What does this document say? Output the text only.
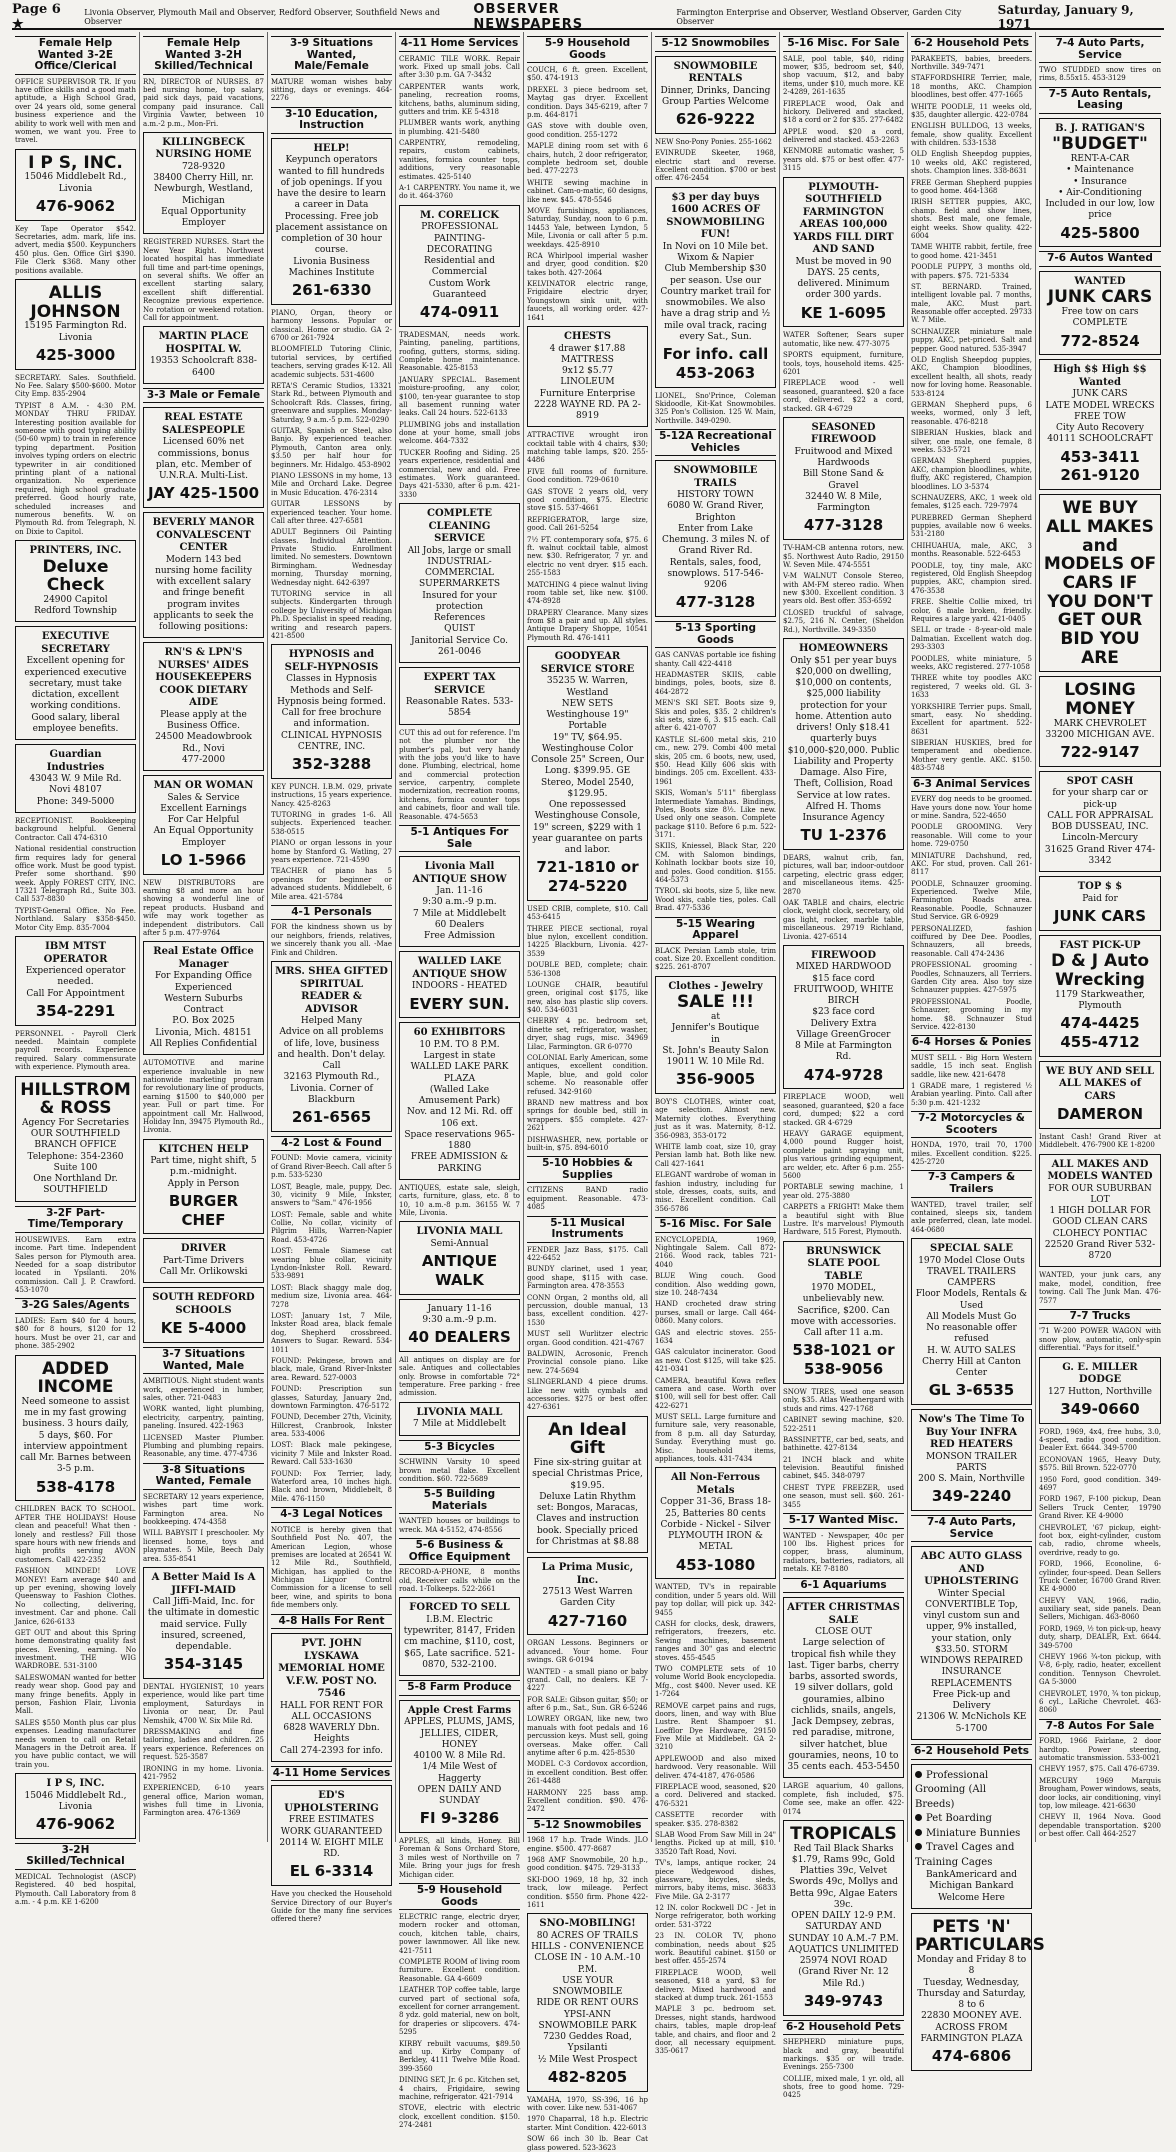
Page 6 ★
Livonia Observer, Plymouth Mail and Observer, Redford Observer, Southfield News and Observer
OBSERVER NEWSPAPERS
Farmington Enterprise and Observer, Westland Observer, Garden City Observer
Saturday, January 9, 1971
Female Help Wanted 3-2E Office/Clerical

OFFICE SUPERVISOR TR. If you have office skills and a good math aptitude, a High School Grad, over 24 years old, some general business experience and the ability to work well with men and women, we want you. Free to travel.

I P S, INC.
15046 Middlebelt Rd., Livonia
476-9062

Key Tape Operator $542. Secretaries, adm. mark, life ins. advert, media $500. Keypunchers 450 plus. Gen. Office Girl $390. File Clerk $368. Many other positions available.

ALLIS JOHNSON
15195 Farmington Rd.
Livonia
425-3000

SECRETARY. Sales. Southfield. No Fee. Salary $500-$600. Motor City Emp. 835-2904

TYPIST 8 A.M. - 4:30 P.M. MONDAY THRU FRIDAY. Interesting position available for someone with good typing ability (50-60 wpm) to train in reference typing department. Position involves typing orders on electric typewriter in air conditioned printing plant of a national organization. No experience required, high school graduate preferred. Good hourly rate, scheduled increases and numerous benefits. W. on Plymouth Rd. from Telegraph, N. on Dixie to Capitol.

PRINTERS, INC.
Deluxe Check
24900 Capitol
Redford Township
EXECUTIVE SECRETARY
Excellent opening for experienced executive secretary, must take dictation, excellent working conditions. Good salary, liberal employee benefits.
Guardian Industries
43043 W. 9 Mile Rd.
Novi 48107
Phone: 349-5000

RECEPTIONIST. Bookkeeping background helpful. General Contractor. Call 474-6310

National residential construction firm requires lady for general office work. Must be good typist. Prefer some shorthand. $90 week. Apply FOREST CITY, INC. 17321 Telegraph Rd., Suite 303. Call 537-8830

TYPIST-General Office. No Fee. Northland. Salary $358-$450. Motor City Emp. 835-7004

IBM MTST OPERATOR
Experienced operator needed.
Call For Appointment
354-2291

PERSONNEL - Payroll Clerk needed. Maintain complete payroll records. Experience required. Salary commensurate with experience. Plymouth area.

HILLSTROM & ROSS
Agency For Secretaries
OUR SOUTHFIELD BRANCH OFFICE
Telephone: 354-2360
Suite 100
One Northland Dr.
SOUTHFIELD
3-2F Part-Time/Temporary

HOUSEWIVES. Earn extra income. Part time. Independent Sales person for Plymouth area. Needed for a soap distributor located in Ypsilanti. 20% commission. Call J. P. Crawford. 453-1070

3-2G Sales/Agents

LADIES: Earn $40 for 4 hours, $80 for 8 hours, $120 for 12 hours. Must be over 21, car and phone. 385-2902

ADDED INCOME
Need someone to assist me in my fast growing business. 3 hours daily, 5 days, $60. For interview appointment call Mr. Barnes between 3-5 p.m.
538-4178

CHILDREN BACK TO SCHOOL. AFTER THE HOLIDAYS! House clean and peaceful! What then - lonely and restless? Fill those spare hours with new friends and high profits serving AVON customers. Call 422-2352

FASHION MINDED! LOVE MONEY! Earn average $40 and up per evening, showing lovely Queensway to Fashion Clothes. No collecting, delivering, investment. Car and phone. Call Janice, 626-6133

GET OUT and about this Spring home demonstrating quality fast pieces. Evening, earning. No investment. THE WIG WARDROBE. 531-3100

SALESWOMAN wanted for better ready wear shop. Good pay and many fringe benefits. Apply in person, Fashion Flair, Livonia Mall.

SALES $550 Month plus car plus expenses. Leading manufacturer needs women to call on Retail Managers in the Detroit area. If you have public contact, we will train you.

I P S, INC.
15046 Middlebelt Rd., Livonia
476-9062
3-2H Skilled/Technical

MEDICAL Technologist (ASCP) Registered. 40 bed hospital, Plymouth. Call Laboratory from 8 a.m. - 4 p.m. KE 1-6200

Female Help Wanted 3-2H Skilled/Technical

RN, DIRECTOR of NURSES. 87 bed nursing home, top salary, paid sick days, paid vacations, company paid insurance. Call Virginia Vawter, between 10 a.m.-2 p.m., Mon-Fri.

KILLINGBECK NURSING HOME
728-9320
38400 Cherry Hill, nr. Newburgh, Westland, Michigan
Equal Opportunity Employer

REGISTERED NURSES. Start the New Year Right. Northwest located hospital has immediate full time and part-time openings, on several shifts. We offer an excellent starting salary, excellent shift differential. Recognize previous experience. No rotation or weekend rotation. Call for appointment.

MARTIN PLACE HOSPITAL W.
19353 Schoolcraft 838-6400
3-3 Male or Female
REAL ESTATE SALESPEOPLE
Licensed 60% net commissions, bonus plan, etc. Member of U.N.R.A. Multi-List.
JAY 425-1500
BEVERLY MANOR CONVALESCENT CENTER
Modern 143 bed nursing home facility with excellent salary and fringe benefit program invites applicants to seek the following positions:
RN'S & LPN'S NURSES' AIDES HOUSEKEEPERS COOK DIETARY AIDE
Please apply at the Business Office.
24500 Meadowbrook Rd., Novi
477-2000
MAN OR WOMAN
Sales & Service
Excellent Earnings
For Car Helpful
An Equal Opportunity Employer
LO 1-5966

NEW DISTRIBUTORS are earning $8 and more an hour showing a wonderful line of repeat products. Husband and wife may work together as independent distributors. Call after 5 p.m. 477-9764

Real Estate Office Manager
For Expanding Office
Experienced
Western Suburbs Contract
P.O. Box 2025
Livonia, Mich. 48151
All Replies Confidential

AUTOMOTIVE and marine experience invaluable in new nationwide marketing program for revolutionary line of products, earning $1500 to $40,000 per year. Full or part time. For appointment call Mr. Hallwood, Holiday Inn, 39475 Plymouth Rd., Livonia.

KITCHEN HELP
Part time, night shift, 5 p.m.-midnight.
Apply in Person
BURGER CHEF
DRIVER
Part-Time Drivers
Call Mr. Orlikowski
SOUTH REDFORD SCHOOLS
KE 5-4000
3-7 Situations Wanted, Male

AMBITIOUS. Night student wants work, experienced in lumber, sales, other. 721-0483

WORK wanted, light plumbing, electricity, carpentry, painting, paneling. Insured. 422-1963

LICENSED Master Plumber. Plumbing and plumbing repairs. Reasonable, any time. 477-4736

3-8 Situations Wanted, Female

SECRETARY 12 years experience, wishes part time work. Farmington area. No bookkeeping. 474-4358

WILL BABYSIT I preschooler. My licensed home, toys and playmates. 5 Mile, Beech Daly area. 535-8541

A Better Maid Is A JIFFI-MAID
Call Jiffi-Maid, Inc. for the ultimate in domestic maid service. Fully insured, screened, dependable.
354-3145

DENTAL HYGIENIST, 10 years experience, would like part time employment, Saturdays in Livonia or near, Dr. Paul Nemshik, 4700 W. Six Mile Rd.

DRESSMAKING and fine tailoring, ladies and children. 25 years experience. References on request. 525-3587

IRONING in my home. Livonia. 421-7952

EXPERIENCED, 6-10 years general office, Marion woman, wishes full time in Livonia, Farmington area. 476-1369

3-9 Situations Wanted, Male/Female

MATURE woman wishes baby sitting, days or evenings. 464-2276

3-10 Education, Instruction
HELP!
Keypunch operators wanted to fill hundreds of job openings. If you have the desire to learn a career in Data Processing. Free job placement assistance on completion of 30 hour course.
Livonia Business Machines Institute
261-6330

PIANO, Organ, theory or harmony lessons. Popular or classical. Home or studio. GA 2-6700 or 261-7924

BLOOMFIELD Tutoring Clinic, tutorial services, by certified teachers, serving grades K-12. All academic subjects. 531-4600

RETA'S Ceramic Studios, 13321 Stark Rd., between Plymouth and Schoolcraft Rds. Classes, firing, greenware and supplies. Monday-Saturday, 9 a.m.-5 p.m. 522-0290

GUITAR, Spanish or Steel, also Banjo. By experienced teacher. Plymouth, Canton area only. $3.50 per half hour for beginners. Mr. Hidalgo. 453-8902

PIANO LESSONS in my home, 13 Mile and Orchard Lake. Degree in Music Education. 476-2314

GUITAR LESSONS by experienced teacher. Your home. Call after three. 427-6581

ADULT Beginners Oil Painting classes. Individual Attention. Private Studio. Enrollment limited. No semesters. Downtown Birmingham. Wednesday morning, Thursday morning, Wednesday night. 642-6397

TUTORING service in all subjects. Kindergarten through college by University of Michigan Ph.D. Specialist in speed reading, writing and research papers. 421-8500

HYPNOSIS and SELF-HYPNOSIS
Classes in Hypnosis Methods and Self-Hypnosis being formed. Call for free brochure and information.
CLINICAL HYPNOSIS CENTRE, INC.
352-3288

KEY PUNCH. I.B.M. 029, private instructions, 15 years experience. Nancy. 425-8263

TUTORING in grades 1-6. All subjects. Experienced teacher. 538-0515

PIANO or organ lessons in your home by Stanford G. Watling, 27 years experience. 721-4590

TEACHER of piano has 5 openings for beginner or advanced students. Middlebelt, 6 Mile area. 421-5784

4-1 Personals

FOR the kindness shown us by our neighbors, friends, relatives, we sincerely thank you all. -Mae Fink and Children.

MRS. SHEA GIFTED SPIRITUAL READER & ADVISOR
Helped Many
Advice on all problems of life, love, business and health. Don't delay. Call
32163 Plymouth Rd., Livonia. Corner of Blackburn
261-6565
4-2 Lost & Found

FOUND: Movie camera, vicinity of Grand River-Beech. Call after 5 p.m. 533-5230

LOST, Beagle, male, puppy, Dec. 30, vicinity 9 Mile, Inkster, answers to "Sam." 476-1956

LOST: Female, sable and white Collie, No collar, vicinity of Pilgrim Hills, Warren-Napier Road. 453-4726

LOST: Female Siamese cat wearing blue collar, vicinity Lyndon-Inkster Roll. Reward. 533-9891

LOST: Black shaggy male dog, medium size, Livonia area. 464-7278

LOST: January 1st, 7 Mile, Inkster Road area, black female dog, Shepherd crossbreed. Answers to Sugar. Reward. 534-1011

FOUND: Pekingese, brown and black, male, Grand River-Inkster area. Reward. 527-0003

FOUND: Prescription sun glasses, Saturday, January 2nd, downtown Farmington. 476-5172

FOUND, December 27th, Vicinity, Hillcrest, Cranbrook, Inkster area. 533-4006

LOST: Black male pekingese, vicinity 7 Mile and Inkster Road. Reward. Call 533-1630

FOUND: Fox Terrier, lady, Waterford area, 10 inches high. Black and brown, Middlebelt, 8 Mile. 476-1150

4-3 Legal Notices

NOTICE is hereby given that Southfield Post No. 407, the American Legion, whose premises are located at 26541 W. 12 Mile Rd., Southfield, Michigan, has applied to the Michigan Liquor Control Commission for a license to sell beer, wine, and spirits to bona fide members only.

4-8 Halls For Rent
PVT. JOHN LYSKAWA MEMORIAL HOME V.F.W. POST NO. 7546
HALL FOR RENT FOR ALL OCCASIONS
6828 WAVERLY Dbn. Heights
Call 274-2393 for info.
4-11 Home Services
ED'S UPHOLSTERING
FREE ESTIMATES
WORK GUARANTEED
20114 W. EIGHT MILE RD.
EL 6-3314

Have you checked the Household Service Directory of our Buyer's Guide for the many fine services offered there?

4-11 Home Services

CERAMIC TILE WORK. Repair work. Fixed up small jobs. Call after 3:30 p.m. GA 7-3432

CARPENTER wants work, paneling, recreation rooms, kitchens, baths, aluminum siding, gutters and trim. KE 5-4318

PLUMBER wants work, anything in plumbing. 421-5480

CARPENTRY, remodeling, repairs, custom cabinets, vanities, formica counter tops, additions, very reasonable estimates. 425-5140

A-1 CARPENTRY. You name it, we do it. 464-3760

M. CORELICK
PROFESSIONAL PAINTING-DECORATING
Residential and Commercial
Custom Work Guaranteed
474-0911

TRADESMAN, needs work. Painting, paneling, partitions, roofing, gutters, storms, siding. Complete home maintenance. Reasonable. 425-8153

JANUARY SPECIAL. Basement moisture-proofing, any color, $100, ten-year guarantee to stop all basement running water leaks. Call 24 hours. 522-6133

PLUMBING jobs and installation done at your home, small jobs welcome. 464-7332

TUCKER Roofing and Siding. 25 years experience, residential and commercial, new and old. Free estimates. Work guaranteed. Days 421-5330, after 6 p.m. 421-3330

COMPLETE CLEANING SERVICE
All Jobs, large or small
INDUSTRIAL-COMMERCIAL SUPERMARKETS
Insured for your protection
References
QUIST
Janitorial Service Co.
261-0046
EXPERT TAX SERVICE
Reasonable Rates. 533-5854

CUT this ad out for reference. I'm not the plumber nor the plumber's pal, but very handy with the jobs you'd like to have done. Plumbing, electrical, home and commercial protection service, carpentry, complete modernization, recreation rooms, kitchens, formica counter tops and cabinets, floor and wall tile. Reasonable. 474-5653

5-1 Antiques For Sale
Livonia Mall ANTIQUE SHOW
Jan. 11-16
9:30 a.m.-9 p.m.
7 Mile at Middlebelt
60 Dealers
Free Admission
WALLED LAKE ANTIQUE SHOW
INDOORS - HEATED
EVERY SUN.
60 EXHIBITORS
10 P.M. TO 8 P.M.
Largest in state
WALLED LAKE PARK PLAZA
(Walled Lake Amusement Park)
Nov. and 12 Mi. Rd. off 106 ext.
Space reservations 965-1880
FREE ADMISSION & PARKING

ANTIQUES, estate sale, sleigh, carts, furniture, glass, etc. 8 to 10, 10 a.m.-8 p.m. 36155 W. 7 Mile, Livonia.

LIVONIA MALL
Semi-Annual
ANTIQUE WALK
January 11-16
9:30 a.m.-9 p.m.
40 DEALERS

All antiques on display are for sale. Antiques and collectables only. Browse in comfortable 72° temperature. Free parking - free admission.

LIVONIA MALL
7 Mile at Middlebelt
5-3 Bicycles

SCHWINN Varsity 10 speed brown metal flake. Excellent condition. $60. 722-5689

5-5 Building Materials

WANTED houses or buildings to wreck. MA 4-5152, 474-8556

5-6 Business & Office Equipment

RECORD-A-PHONE, 8 months old, Receiver calls while on the road. 1-Tolkeeps. 522-2661

FORCED TO SELL
I.B.M. Electric typewriter, 8147, Friden cm machine, $110, cost, $65, Late sacrifice. 521-0870, 532-2100.
5-8 Farm Produce
Apple Crest Farms
APPLES, PLUMS, JAMS, JELLIES, CIDER, HONEY
40100 W. 8 Mile Rd.
1/4 Mile West of Haggerty
OPEN DAILY AND SUNDAY
FI 9-3286

APPLES, all kinds, Honey. Bill Foreman & Sons Orchard Store, 3 miles west of Northville on 7 Mile. Bring your jugs for fresh Michigan cider.

5-9 Household Goods

ELECTRIC range, electric dryer, modern rocker and ottoman, couch, kitchen table, chairs, power lawnmower. All like new. 421-7511

COMPLETE ROOM of living room furniture. Excellent condition. Reasonable. GA 4-6609

LEATHER TOP coffee table, large curved part of sectional sofa, excellent for corner arrangement. 8 ydz. gold material, new on bolt, for draperies or slipcovers. 474-5295

KIRBY rebuilt vacuums, $89.50 and up. Kirby Company of Berkley, 4111 Twelve Mile Road. 399-3560

DINING SET, Jr. 6 pc. Kitchen set, 4 chairs, Frigidaire, sewing machine, refrigerator. 421-7914

STOVE, electric with electric clock, excellent condition. $150. 274-2481

5-9 Household Goods

COUCH, 6 ft. green. Excellent, $50. 474-1913

DREXEL 3 piece bedroom set, Maytag gas dryer. Excellent condition. Days 345-6219, after 7 p.m. 464-8171

GAS stove with double oven, good condition. 255-1272

MAPLE dining room set with 6 chairs, hutch, 2 door refrigerator, complete bedroom set, double bed. 477-2273

WHITE sewing machine in cabinet. Cam-o-matic, 60 designs, like new. $45. 478-5546

MOVE furnishings, appliances, Saturday, Sunday, noon to 6 p.m. 14453 Yale, between Lyndon, 5 Mile, Livonia or call after 5 p.m. weekdays. 425-8910

RCA Whirlpool imperial washer and dryer, good condition. $20 takes both. 427-2064

KELVINATOR electric range, Frigidaire electric dryer, Youngstown sink unit, with faucets, all working order. 427-1641

CHESTS
4 drawer $17.88
MATTRESS
9x12 $5.77
LINOLEUM
Furniture Enterprise
2228 WAYNE RD. PA 2-8919

ATTRACTIVE wrought iron cocktail table with 4 chairs, $30; matching table lamps, $20. 255-4486

FIVE full rooms of furniture. Good condition. 729-0610

GAS STOVE 2 years old, very good condition, $75. Electric stove $15. 537-4661

REFRIGERATOR, large size, good. Call 261-5254

7½ FT. contemporary sofa, $75. 6 ft. walnut cocktail table, almost new. $30. Refrigerator, 7 yr. and electric no vent dryer. $15 each. 255-1583

MATCHING 4 piece walnut living room table set, like new. $100. 474-8928

DRAPERY Clearance. Many sizes from $8 a pair and up. All styles. Antique Drapery Shoppe, 10541 Plymouth Rd. 476-1411

GOODYEAR SERVICE STORE
35235 W. Warren, Westland
NEW SETS
Westinghouse 19" Portable
19" TV, $64.95. Westinghouse Color Console 25" Screen, Our Long. $399.95. GE Stereo, Model 2540, $129.95.
One repossessed Westinghouse Console, 19" screen, $229 with 1 year guarantee on parts and labor.
721-1810 or 274-5220

USED CRIB, complete, $10. Call 453-6415

THREE PIECE sectional, royal blue nylon, excellent condition. 14225 Blackburn, Livonia. 427-3539

DOUBLE BED, complete; chair. 536-1308

LOUNGE CHAIR, beautiful green, original cost $175, like new, also has plastic slip covers. $40. 534-6031

CHERRY 4 pc. bedroom set, dinette set, refrigerator, washer, dryer, shag rugs, misc. 34969 Lilac, Farmington. GR 6-0770

COLONIAL Early American, some antiques, excellent condition. Maple, blue, and gold color scheme. No reasonable offer refused. 342-9160

BRAND new mattress and box springs for double bed, still in wrappers. $55 complete. 427-2621

DISHWASHER, new, portable or built-in, $75. 894-6010

5-10 Hobbies & Supplies

CITIZENS BAND radio equipment. Reasonable. 473-4085

5-11 Musical Instruments

FENDER Jazz Bass, $175. Call 422-6452

BUNDY clarinet, used 1 year, good shape, $115 with case. Farmington area. 478-3553

CONN Organ, 2 months old, all percussion, double manual, 13 bass, excellent condition. 427-1530

MUST sell Wurlitzer electric organ. Good condition. 421-4767

BALDWIN, Acrosonic, French Provincial console piano. Like new. 274-5694

SLINGERLAND 4 piece drums. Like new with cymbals and accessories. $275 or best offer. 427-6361

An Ideal Gift
Fine six-string guitar at special Christmas Price, $19.95.
Deluxe Latin Rhythm set: Bongos, Maracas, Claves and instruction book. Specially priced for Christmas at $8.88
La Prima Music, Inc.
27513 West Warren
Garden City
427-7160

ORGAN Lessons. Beginners or advanced. Your home. Four swings. GR 6-0194

WANTED - a small piano or baby grand. Call, no dealers. KE 7-4227

FOR SALE: Gibson guitar, $50; or after 6 p.m., Sat., Sun. GR 6-5246

LOWREY ORGAN, like new, two manuals with foot pedals and 16 percussion keys. Must sell, going overseas. Make offer. Call anytime after 6 p.m. 425-8530

MODEL C-3 Cordovox accordion, in excellent condition. Best offer. 261-4488

HARMONY 225 bass amp. Excellent condition. $90. 476-2472

5-12 Snowmobiles

1968 17 h.p. Trade Winds. JLO engine. $500. 477-8687

1968 AMF Snowmobile, 20 h.p., good condition. $475. 729-3133

SKI-DOO 1969, 18 hp, 32 inch track, low mileage. Perfect condition. $550 firm. Phone 422-1611

SNO-MOBILING!
80 ACRES OF TRAILS
HILLS - CONVENIENCE
CLOSE IN - 10 A.M.-10 P.M.
USE YOUR SNOWMOBILE
RIDE OR RENT OURS
YPSI-ANN SNOWMOBILE PARK
7230 Geddes Road, Ypsilanti
½ Mile West Prospect
482-8205

YAMAHA, 1970, SS-396, 16 hp with cover. Like new. 531-4067

1970 Chaparral, 18 h.p. Electric starter. Mint Condition. 422-6013

SOW 66 inch 30 lb. Bear Cat glass powered. 523-3623

5-12 Snowmobiles
SNOWMOBILE RENTALS
Dinner, Drinks, Dancing
Group Parties Welcome
626-9222

NEW Sno-Pony Ponies. 255-1662

EVINRUDE Skeeter, 1968, electric start and reverse. Excellent condition. $700 or best offer. 476-2454

$3 per day buys 1600 ACRES OF SNOWMOBILING FUN!
In Novi on 10 Mile bet. Wixom & Napier
Club Membership $30 per season. Use our Country market trail for snowmobiles. We also have a drag strip and ½ mile oval track, racing every Sat., Sun.
For info. call 453-2063

LIONEL, Sno'Prince, Coleman Skidoodle, Kit-Kat Snowmobiles. 325 Pon's Collision. 125 W. Main, Northville. 349-0290.

5-12A Recreational Vehicles
SNOWMOBILE TRAILS
HISTORY TOWN
6080 W. Grand River, Brighton
Enter from Lake Chemung. 3 miles N. of Grand River Rd.
Rentals, sales, food, snowplows. 517-546-9206
477-3128
5-13 Sporting Goods

GAS CANVAS portable ice fishing shanty. Call 422-4418

HEADMASTER SKIIS, cable bindings, poles, boots, size 8. 464-2872

MEN'S SKI SET. Boots size 9, Skis and poles, $35. 2 children's ski sets, size 6, 3. $15 each. Call after 6. 421-0707

KASTLE SL-600 metal skis, 210 cm., new. 279. Combi 400 metal skis, 205 cm. 6 boots, new, used, $50. Head Killy 606 skis with bindings. 205 cm. Excellent. 433-1961

SKIS, Woman's 5'11" fiberglass Intermediate Yamahas. Bindings, Poles, Boots size 8½. Like new. Used only one season. Complete package $110. Before 6 p.m. 522-3171.

SKIIS, Kniessel, Black Star, 220 CM. with Salomon bindings, Kohlnath lockbar boots size 10, and poles. Good condition. $155. 464-5373

TYROL ski boots, size 5, like new. Wood skis, cable ties, poles. Call Brad. 477-5336

5-15 Wearing Apparel

BLACK Persian Lamb stole, trim coat. Size 20. Excellent condition. $225. 261-8707

Clothes - Jewelry
SALE !!!
at
Jennifer's Boutique
in
St. John's Beauty Salon
19011 W. 10 Mile Rd.
356-9005

BOY'S CLOTHES, winter coat, age selection. Almost new. Maternity clothes. Everything just as it was. Maternity, 8-12. 356-0983, 353-0172

WHITE lamb coat, size 10, gray Persian lamb hat. Both like new. Call 427-1641

ELEGANT wardrobe of woman in fashion industry, including fur stole, dresses, coats, suits, and misc. Excellent condition. Call 356-5786

5-16 Misc. For Sale

ENCYCLOPEDIA, 1969, Nightingale Salem. Call 872-2166. Wood rack, tables 721-4040

BLUE Wing couch. Good condition. Also wedding gown, size 10. 248-7434

HAND crocheted draw string purses, small or large. Call 464-0860. Many colors.

GAS and electric stoves. 255-1634

GAS calculator incinerator. Good as new. Cost $125, will take $25. 421-0341

CAMERA, beautiful Kowa reflex camera and case. Worth over $100, will sell for best offer. Call 422-6271

MUST SELL. Large furniture and furniture sale, very reasonable, from 8 p.m. all day Saturday, Sunday. Everything must go. Misc. household items, appliances, tools. 431-7434

All Non-Ferrous Metals
Copper 31-36, Brass 18-25, Batteries 80 cents
Corbide - Nickel - Silver
PLYMOUTH IRON & METAL
453-1080

WANTED, TV's in repairable condition, under 5 years old. Will pay top dollar, will pick up. 342-9455

CASH for clocks, desk, drawers, refrigerators, freezers, etc. Sewing machines, basement ranges and 30" gas and electric stoves. 455-4545

TWO COMPLETE sets of 10 volume World Book encyclopedia. Mfg., cost $400. Never used. KE 1-7264

REMOVE carpet pains and rugs, doors, linen, and way with Blue Lustre. Rent Shampoer $1. Loefflor Dye Hardware, 29150 Five Mile at Middlebelt. GA 2-3210

APPLEWOOD and also mixed hardwood. Very reasonable. Will deliver. 474-4187, 476-0586

FIREPLACE wood, seasoned, $20 a cord. Delivered and stacked. 476-5321

CASSETTE recorder with speaker. $35. 278-8382

SLAB Wood From Saw Mill in 24" lengths. Picked up at mill, $10. 33520 Taft Road, Novi.

TV's, lamps, antique rocker, 24 piece Wedgewood dishes, glassware, bicycles, sleds, mirrors, baby items, misc. 36833 Five Mile. GA 2-3177

12 IN. color Rockwell DC - Jet in Norge refrigerator, both working order. 531-3722

23 IN. COLOR TV, phono combination, needs about $25 work. Beautiful cabinet. $150 or best offer. 455-2574

FIREPLACE WOOD, well seasoned, $18 a yard, $3 for delivery. Mixed hardwood and stacked at dump truck. 261-1553

MAPLE 3 pc. bedroom set. Dresses, night stands, hardwood chairs, tables, maple drop-leaf table, and chairs, and floor and 2 door, all necessary equipment. 335-0617

5-16 Misc. For Sale

SALE, pool table, $40, riding mower, $35, bedroom set, $40, shop vacuum, $12, and baby items, under $10, much more. KE 2-4289, 261-1635

FIREPLACE wood, Oak and hickory. Delivered and stacked, $18 a cord or 2 for $35. 277-6482

APPLE wood. $20 a cord, delivered and stacked. 453-2263

KENMORE automatic washer, 5 years old. $75 or best offer. 477-3115

PLYMOUTH-SOUTHFIELD FARMINGTON AREAS 100,000 YARDS FILL DIRT AND SAND
Must be moved in 90 DAYS. 25 cents, delivered. Minimum order 300 yards.
KE 1-6095

WATER Softener, Sears super automatic, like new. 477-3075

SPORTS equipment, furniture, tools, toys, household items. 425-6201

FIREPLACE wood - well seasoned, guaranteed. $20 a face cord, delivered. $22 a cord, stacked. GR 4-6729

SEASONED FIREWOOD
Fruitwood and Mixed Hardwoods
Bill Stone Sand & Gravel
32440 W. 8 Mile, Farmington
477-3128

TV-HAM-CB antenna rotors, new. $5. Northwest Auto Radio, 29150 W. Seven Mile. 474-5551

V-M WALNUT Console Stereo, with AM-FM stereo radio. When new $300. Excellent condition. 3 years old. Best offer. 353-6592

CLOSED truckful of salvage, $2.75, 216 N. Center, (Sheldon Rd.), Northville. 349-3350

HOMEOWNERS
Only $51 per year buys $20,000 on dwelling, $10,000 on contents, $25,000 liability protection for your home. Attention auto drivers! Only $18.41 quarterly buys $10,000-$20,000. Public Liability and Property Damage. Also Fire, Theft, Collision, Road Service at low rates.
Alfred H. Thoms
Insurance Agency
TU 1-2376

DEARS, walnut crib, fan, pictures, wall bar, indoor-outdoor carpeting, electric grass edger, and miscellaneous items. 425-2870

OAK TABLE and chairs, electric clock, weight clock, secretary, old gas light, rocker, marble table, miscellaneous. 29719 Richland, Livonia. 427-6514

FIREWOOD
MIXED HARDWOOD
$15 face cord
FRUITWOOD, WHITE BIRCH
$23 face cord
Delivery Extra
Village GreenGrocer
8 Mile at Farmington Rd.
474-9728

FIREPLACE WOOD, well seasoned, guaranteed, $20 a face cord, dumped; $22 a cord stacked. GR 4-6729

HEAVY GARAGE equipment, 4,000 pound Rugger hoist, complete paint spraying unit, plus various grinding equipment, arc welder, etc. After 6 p.m. 255-5600

PORTABLE sewing machine, 1 year old. 275-3880

CARPETS a FRIGHT! Make them a beautiful sight with Blue Lustre. It's marvelous! Plymouth Hardware, 515 Forest, Plymouth.

BRUNSWICK SLATE POOL TABLE
1970 MODEL, unbelievably new. Sacrifice, $200. Can move with accessories. Call after 11 a.m.
538-1021 or 538-9056

SNOW TIRES, used one season only, $35. Atlas Weathergard with studs and rims. 427-1768

CABINET sewing machine, $20. 522-2511

BASSINETTE, car bed, seats, and bathinette. 427-8134

21 INCH black and white television. Beautiful finished cabinet, $45. 348-0797

CHEST TYPE FREEZER, used one season, must sell. $60. 261-3455

5-17 Wanted Misc.

WANTED - Newspaper, 40c per 100 lbs. Highest prices for copper, brass, aluminum, radiators, batteries, radiators, all metals. KE 7-8180

6-1 Aquariums
AFTER CHRISTMAS SALE
CLOSE OUT
Large selection of tropical fish while they last. Tiger barbs, cherry barbs, assorted swords, 19 silver dollars, gold gouramies, albino cichlids, snails, angels, Jack Dempsey, zebras, red paradise, mitrone, silver hatchet, blue gouramies, neons, 10 to 35 cents each. 453-5450

LARGE aquarium, 40 gallons, complete, fish included, $75. Come see, make an offer. 422-0174

TROPICALS
Red Tail Black Sharks $1.79, Rams 99c, Gold Platties 39c, Velvet Swords 49c, Mollys and Betta 99c, Algae Eaters 39c.
OPEN DAILY 12-9 P.M.
SATURDAY AND SUNDAY 10 A.M.-7 P.M.
AQUATICS UNLIMITED
25974 NOVI ROAD
(Grand River Nr. 12 Mile Rd.)
349-9743
6-2 Household Pets

SHEPHERD miniature pups, black and gray, beautiful markings. $35 or will trade. Evenings. 255-7300

COLLIE, mixed male, 1 yr. old, all shots, free to good home. 729-0425

6-2 Household Pets

PARAKEETS, babies, breeders. Northville. 349-7471

STAFFORDSHIRE Terrier, male, 18 months, AKC. Champion bloodlines, best offer. 477-1665

WHITE POODLE, 11 weeks old, $35, daughter allergic. 422-0784

ENGLISH BULLDOG, 13 weeks, female, show quality. Excellent with children. 533-1538

OLD English Sheepdog puppies, 10 weeks old, AKC registered, shots. Champion lines. 338-8631

FREE German Shepherd puppies to good home. 464-1368

IRISH SETTER puppies, AKC, champ. field and show lines, shots. Best male, one female, eight weeks. Show quality. 422-6004

TAME WHITE rabbit, fertile, free to good home. 421-3451

POODLE PUPPY, 3 months old, with papers. $75. 721-5334

ST. BERNARD. Trained, intelligent lovable pal. 7 months, male, AKC. Must part. Reasonable offer accepted. 29733 W. 7 Mile.

SCHNAUZER miniature male puppy, AKC, pet-priced. Salt and pepper. Good natured. 535-3947

OLD English Sheepdog puppies, AKC, Champion bloodlines, excellent health, all shots, ready now for loving home. Reasonable. 533-8124

GERMAN Shepherd pups, 6 weeks, wormed, only 3 left, reasonable. 476-8218

SIBERIAN Huskies, black and silver, one male, one female, 8 weeks. 533-5721

GERMAN Shepherd puppies, AKC, champion bloodlines, white, fluffy, AKC registered, Champion bloodlines. LO 3-5374

SCHNAUZERS, AKC, 1 week old females, $125 each. 729-7974

PUREBRED German Shepherd puppies, available now 6 weeks. 531-2180

CHIHUAHUA, male, AKC, 3 months. Reasonable. 522-6453

POODLE, toy, tiny male, AKC registered, Old English Sheepdog puppies, AKC, champion sired. 476-3538

FREE. Sheltie Collie mixed, tri color, 6 male broken, friendly. Requires a large yard. 421-0405

SELL or trade - 8-year-old male Dalmatian. Excellent watch dog. 293-3303

POODLES, white miniature, 5 weeks, AKC registered. 277-1058

THREE white toy poodles AKC registered, 7 weeks old. GL 3-1633

YORKSHIRE Terrier pups. Small, smart, easy. No shedding. Excellent for apartment. 522-8631

SIBERIAN HUSKIES, bred for temperament and obedience. Mother very gentle. AKC. $150. 483-5748

6-3 Animal Services

EVERY dog needs to be groomed. Have yours done now. Your home or mine. Sandra, 522-4650

POODLE GROOMING. Very reasonable. Will come to your home. 729-0750

MINIATURE Dachshund, red, AKC. For stud, proven. Call 261-8117

POODLE, Schnauzer grooming. Experienced. Twelve Mile, Farmington Roads area. Reasonable. Poodle, Schnauzer Stud Service. GR 6-0929

PERSONALIZED, fashion coiffured by Dee Dee. Poodles, Schnauzers, all breeds, reasonable. Call 474-2436

PROFESSIONAL grooming - Poodles, Schnauzers, all Terriers. Garden City area. Also toy size Schnauzer puppies. 427-5975

PROFESSIONAL Poodle, Schnauzer, grooming in my home. $8. Schnauzer Stud Service. 422-8130

6-4 Horses & Ponies

MUST SELL - Big Horn Western saddle, 15 inch seat. English saddle, like new. 421-6478

1 GRADE mare, 1 registered ½ Arabian yearling. Pinto. Call after 5:30 p.m. 421-1232

7-2 Motorcycles & Scooters

HONDA, 1970, trail 70, 1700 miles. Excellent condition. $225. 425-2720

7-3 Campers & Trailers

WANTED, travel trailer, self contained, sleeps six, tandem axle preferred, clean, late model. 464-0680

SPECIAL SALE
1970 Model Close Outs
TRAVEL TRAILERS
CAMPERS
Floor Models, Rentals & Used
All Models Must Go
No reasonable offer refused
H. W. AUTO SALES
Cherry Hill at Canton Center
GL 3-6535
Now's The Time To Buy Your INFRA RED HEATERS
MONSON TRAILER PARTS
200 S. Main, Northville
349-2240
7-4 Auto Parts, Service
ABC AUTO GLASS AND UPHOLSTERING
Winter Special
CONVERTIBLE Top, vinyl custom sun and upper, 9% installed, your station, only $33.50. STORM WINDOWS REPAIRED
INSURANCE REPLACEMENTS
Free Pick-up and Delivery
21306 W. McNichols KE 5-1700
6-2 Household Pets
Professional Grooming (All Breeds)
Pet Boarding
Miniature Bunnies
Travel Cages and Training Cages
BankAmericard and Michigan Bankard Welcome Here
PETS 'N' PARTICULARS
Monday and Friday 8 to 8
Tuesday, Wednesday, Thursday and Saturday, 8 to 6
22830 MOONEY AVE.
ACROSS FROM FARMINGTON PLAZA
474-6806
7-4 Auto Parts, Service

TWO STUDDED snow tires on rims, 8.55x15. 453-3129

7-5 Auto Rentals, Leasing
B. J. RATIGAN'S
"BUDGET"
RENT-A-CAR
• Maintenance
• Insurance
• Air-Conditioning
Included in our low, low price
425-5800
7-6 Autos Wanted
WANTED
JUNK CARS
Free tow on cars COMPLETE
772-8524
High $$ High $$ Wanted
JUNK CARS
LATE MODEL WRECKS
FREE TOW
City Auto Recovery
40111 SCHOOLCRAFT
453-3411 261-9120
WE BUY ALL MAKES and MODELS OF CARS IF YOU DON'T GET OUR BID YOU ARE
LOSING MONEY
MARK CHEVROLET
33200 MICHIGAN AVE.
722-9147
SPOT CASH
for your sharp car or pick-up
CALL FOR APPRAISAL
BOB DUSSEAU, INC.
Lincoln-Mercury
31625 Grand River 474-3342
TOP $ $
Paid for
JUNK CARS
FAST PICK-UP
D & J Auto Wrecking
1179 Starkweather, Plymouth
474-4425 455-4712
WE BUY AND SELL ALL MAKES of CARS
DAMERON

Instant Cash! Grand River at Middlebelt. 476-7900 KE 1-8200

ALL MAKES AND MODELS WANTED
FOR OUR SUBURBAN LOT
1 HIGH DOLLAR FOR GOOD CLEAN CARS
CLOHECY PONTIAC
22520 Grand River 532-8720

WANTED, your junk cars, any make, model, condition, free towing. Call The Junk Man. 476-7577

7-7 Trucks

'71 W-200 POWER WAGON with snow plow, automatic, only-spin differential. "Pays for itself."

G. E. MILLER DODGE
127 Hutton, Northville
349-0660

FORD, 1969, 4x4, free hubs, 3.0, 4-speed, radio good condition. Dealer Ext. 6644. 349-5700

ECONOVAN 1965, Heavy Duty, $575. Bill Brown. 522-0770

1950 Ford, good condition. 349-4697

FORD 1967, F-100 pickup, Dean Sellers Truck Center, 19790 Grand River. KE 4-9000

CHEVROLET, '67 pickup, eight-foot box, eight-cylinder, custom cab, radio, chrome wheels, overdrive, ready to go.

FORD, 1966, Econoline, 6-cylinder, four-speed. Dean Sellers Truck Center, 16700 Grand River. KE 4-9000

CHEVY VAN, 1966, radio, auxiliary seat, side panels. Dean Sellers, Michigan. 463-8060

FORD, 1969, ½ ton pick-up, heavy duty, sharp, DEALER, Ext. 6644. 349-5700

CHEVY 1966 ¾-ton pickup, with V-8, 6-ply, radio, heater, excellent condition. Tennyson Chevrolet. GA 5-3000

CHEVROLET, 1970, ¾ ton pickup, 6 cyl., LaRiche Chevrolet. 463-8060

7-8 Autos For Sale

FORD, 1966 Fairlane, 2 door hardtop. Power steering, automatic transmission. 533-0021

CHEVY 1957, $75. Call 476-6739.

MERCURY 1969 Marquis Brougham, Power windows, seats, door locks, air conditioning, vinyl top, low mileage. 421-6630

CHEVY II, 1964 Nova. Good dependable transportation. $200 or best offer. Call 464-2527
